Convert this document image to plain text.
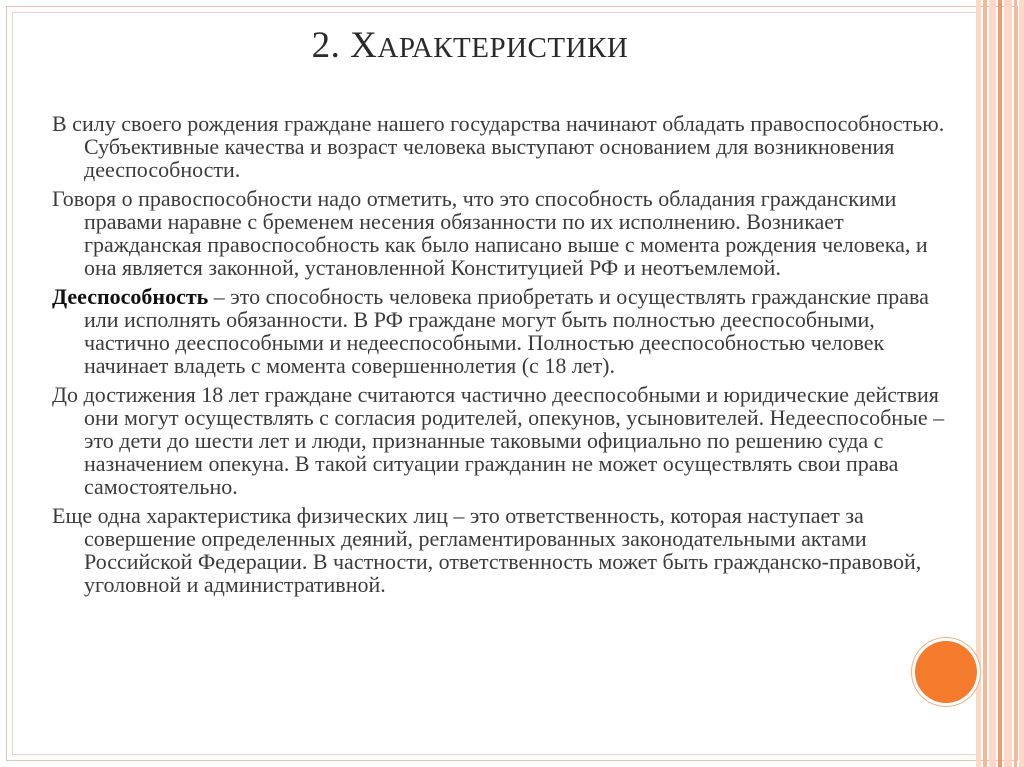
2. ХАРАКТЕРИСТИКИ

В силу своего рождения граждане нашего государства начинают обладать правоспособностью. Субъективные качества и возраст человека выступают основанием для возникновения дееспособности.

Говоря о правоспособности надо отметить, что это способность обладания гражданскими правами наравне с бременем несения обязанности по их исполнению. Возникает гражданская правоспособность как было написано выше с момента рождения человека, и она является законной, установленной Конституцией РФ и неотъемлемой.

Дееспособность – это способность человека приобретать и осуществлять гражданские права или исполнять обязанности. В РФ граждане могут быть полностью дееспособными, частично дееспособными и недееспособными. Полностью дееспособностью человек начинает владеть с момента совершеннолетия (с 18 лет).

До достижения 18 лет граждане считаются частично дееспособными и юридические действия они могут осуществлять с согласия родителей, опекунов, усыновителей. Недееспособные – это дети до шести лет и люди, признанные таковыми официально по решению суда с назначением опекуна. В такой ситуации гражданин не может осуществлять свои права самостоятельно.

Еще одна характеристика физических лиц – это ответственность, которая наступает за совершение определенных деяний, регламентированных законодательными актами Российской Федерации. В частности, ответственность может быть гражданско-правовой, уголовной и административной.
